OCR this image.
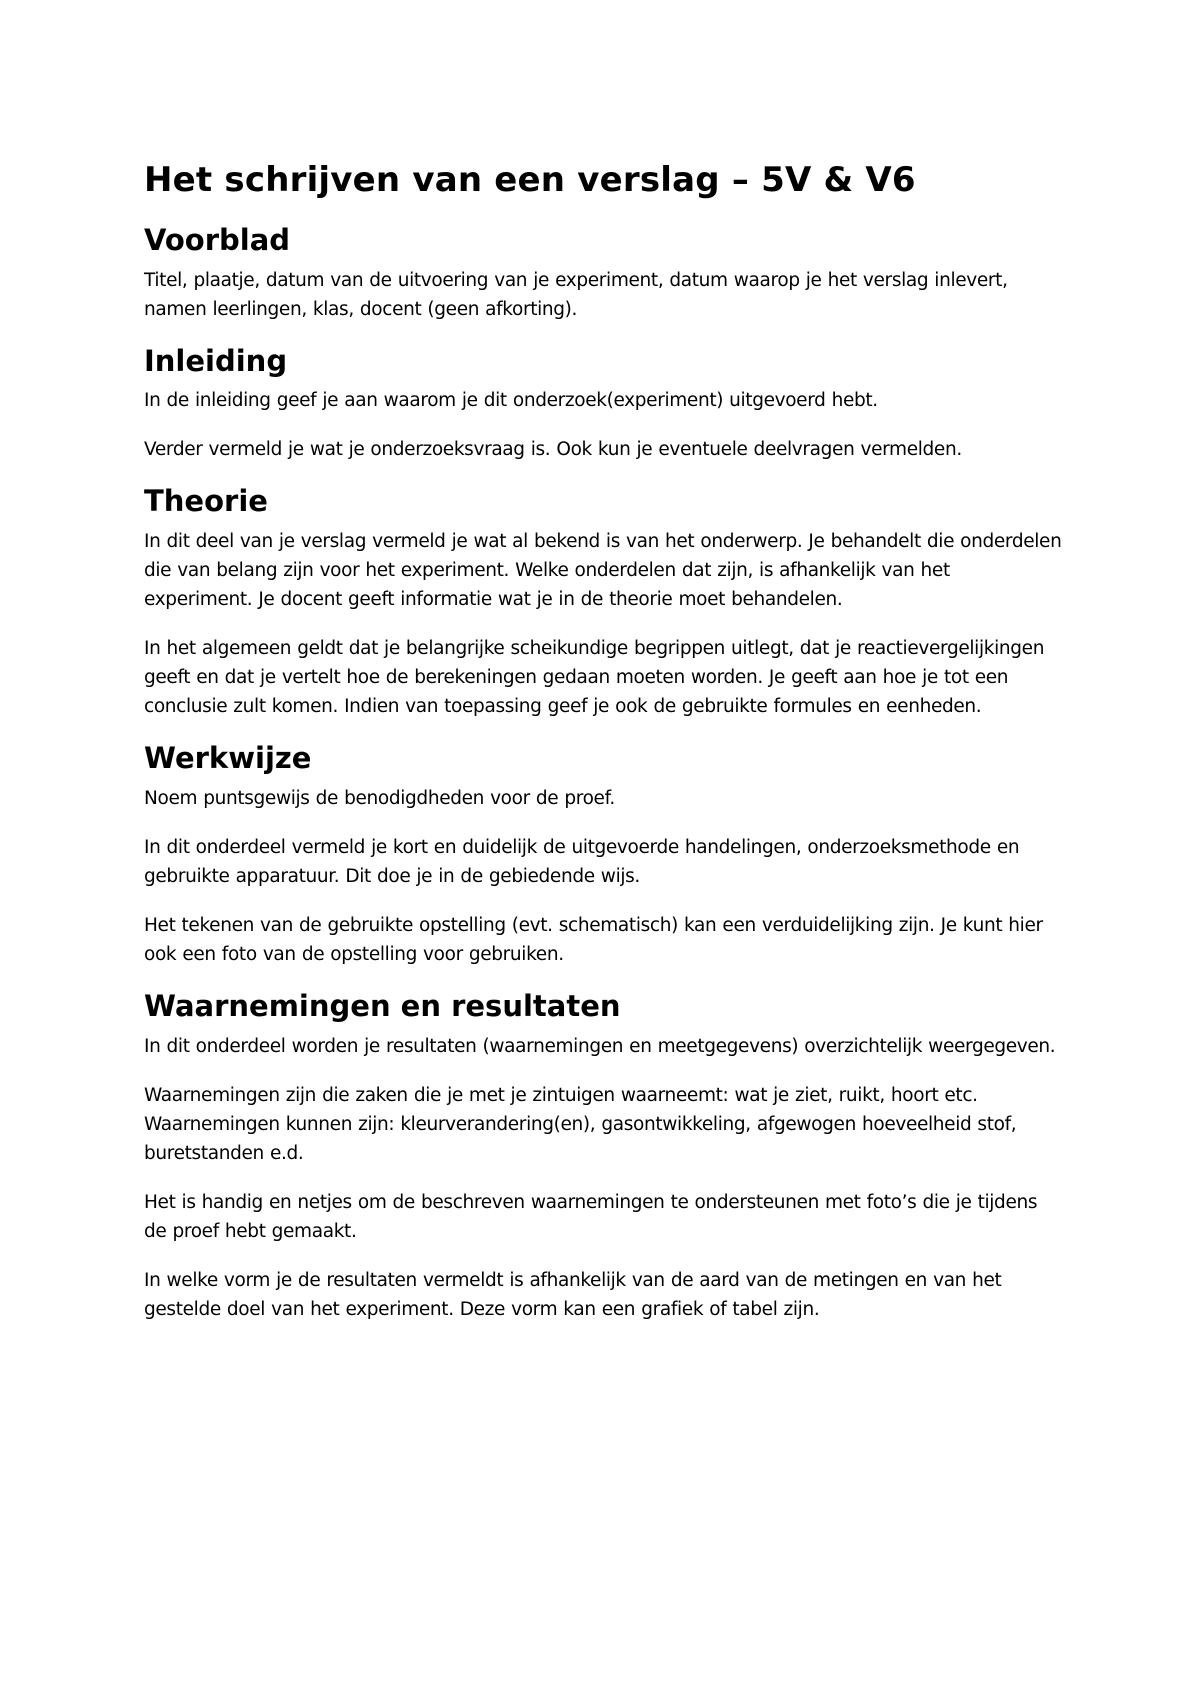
Het schrijven van een verslag – 5V & V6
Voorblad

Titel, plaatje, datum van de uitvoering van je experiment, datum waarop je het verslag inlevert, namen leerlingen, klas, docent (geen afkorting).

Inleiding

In de inleiding geef je aan waarom je dit onderzoek(experiment) uitgevoerd hebt.

Verder vermeld je wat je onderzoeksvraag is. Ook kun je eventuele deelvragen vermelden.

Theorie

In dit deel van je verslag vermeld je wat al bekend is van het onderwerp. Je behandelt die onderdelen die van belang zijn voor het experiment. Welke onderdelen dat zijn, is afhankelijk van het experiment. Je docent geeft informatie wat je in de theorie moet behandelen.

In het algemeen geldt dat je belangrijke scheikundige begrippen uitlegt, dat je reactievergelijkingen geeft en dat je vertelt hoe de berekeningen gedaan moeten worden. Je geeft aan hoe je tot een conclusie zult komen. Indien van toepassing geef je ook de gebruikte formules en eenheden.

Werkwijze

Noem puntsgewijs de benodigdheden voor de proef.

In dit onderdeel vermeld je kort en duidelijk de uitgevoerde handelingen, onderzoeksmethode en gebruikte apparatuur. Dit doe je in de gebiedende wijs.

Het tekenen van de gebruikte opstelling (evt. schematisch) kan een verduidelijking zijn. Je kunt hier ook een foto van de opstelling voor gebruiken.

Waarnemingen en resultaten

In dit onderdeel worden je resultaten (waarnemingen en meetgegevens) overzichtelijk weergegeven.

Waarnemingen zijn die zaken die je met je zintuigen waarneemt: wat je ziet, ruikt, hoort etc. Waarnemingen kunnen zijn: kleurverandering(en), gasontwikkeling, afgewogen hoeveelheid stof, buretstanden e.d.

Het is handig en netjes om de beschreven waarnemingen te ondersteunen met foto’s die je tijdens de proef hebt gemaakt.

In welke vorm je de resultaten vermeldt is afhankelijk van de aard van de metingen en van het gestelde doel van het experiment. Deze vorm kan een grafiek of tabel zijn.
